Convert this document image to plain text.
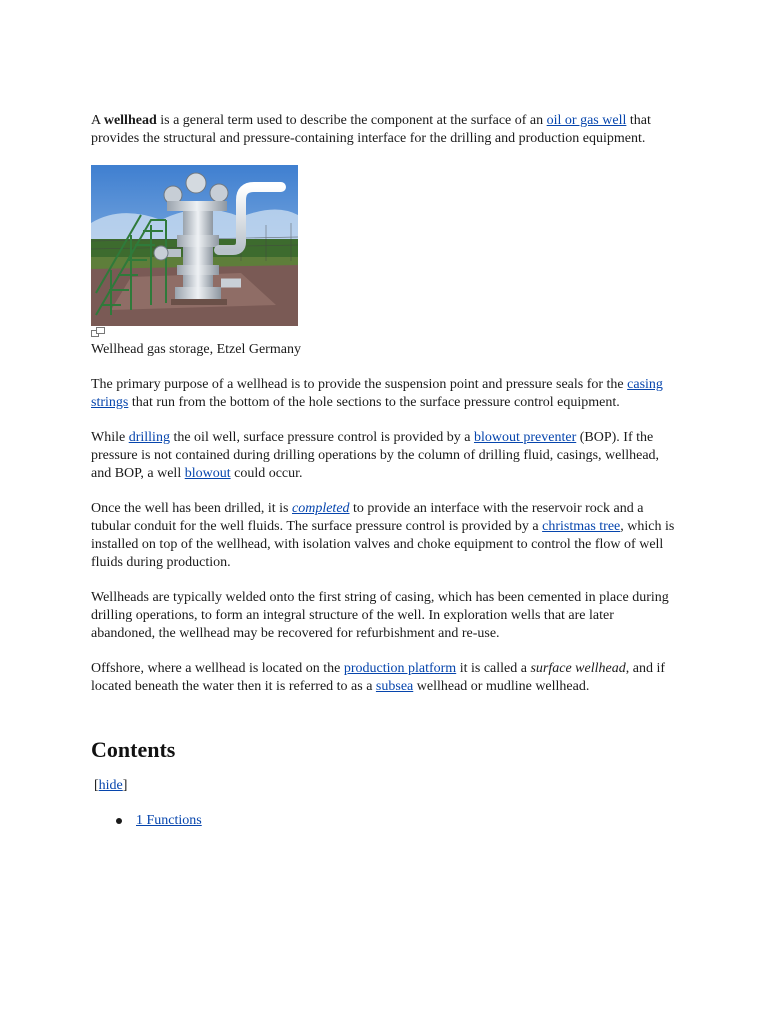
A wellhead is a general term used to describe the component at the surface of an oil or gas well that provides the structural and pressure-containing interface for the drilling and production equipment.

Wellhead gas storage, Etzel Germany

The primary purpose of a wellhead is to provide the suspension point and pressure seals for the casing strings that run from the bottom of the hole sections to the surface pressure control equipment.

While drilling the oil well, surface pressure control is provided by a blowout preventer (BOP). If the pressure is not contained during drilling operations by the column of drilling fluid, casings, wellhead, and BOP, a well blowout could occur.

Once the well has been drilled, it is completed to provide an interface with the reservoir rock and a tubular conduit for the well fluids. The surface pressure control is provided by a christmas tree, which is installed on top of the wellhead, with isolation valves and choke equipment to control the flow of well fluids during production.

Wellheads are typically welded onto the first string of casing, which has been cemented in place during drilling operations, to form an integral structure of the well. In exploration wells that are later abandoned, the wellhead may be recovered for refurbishment and re-use.

Offshore, where a wellhead is located on the production platform it is called a surface wellhead, and if located beneath the water then it is referred to as a subsea wellhead or mudline wellhead.

Contents
[hide]
1 Functions
